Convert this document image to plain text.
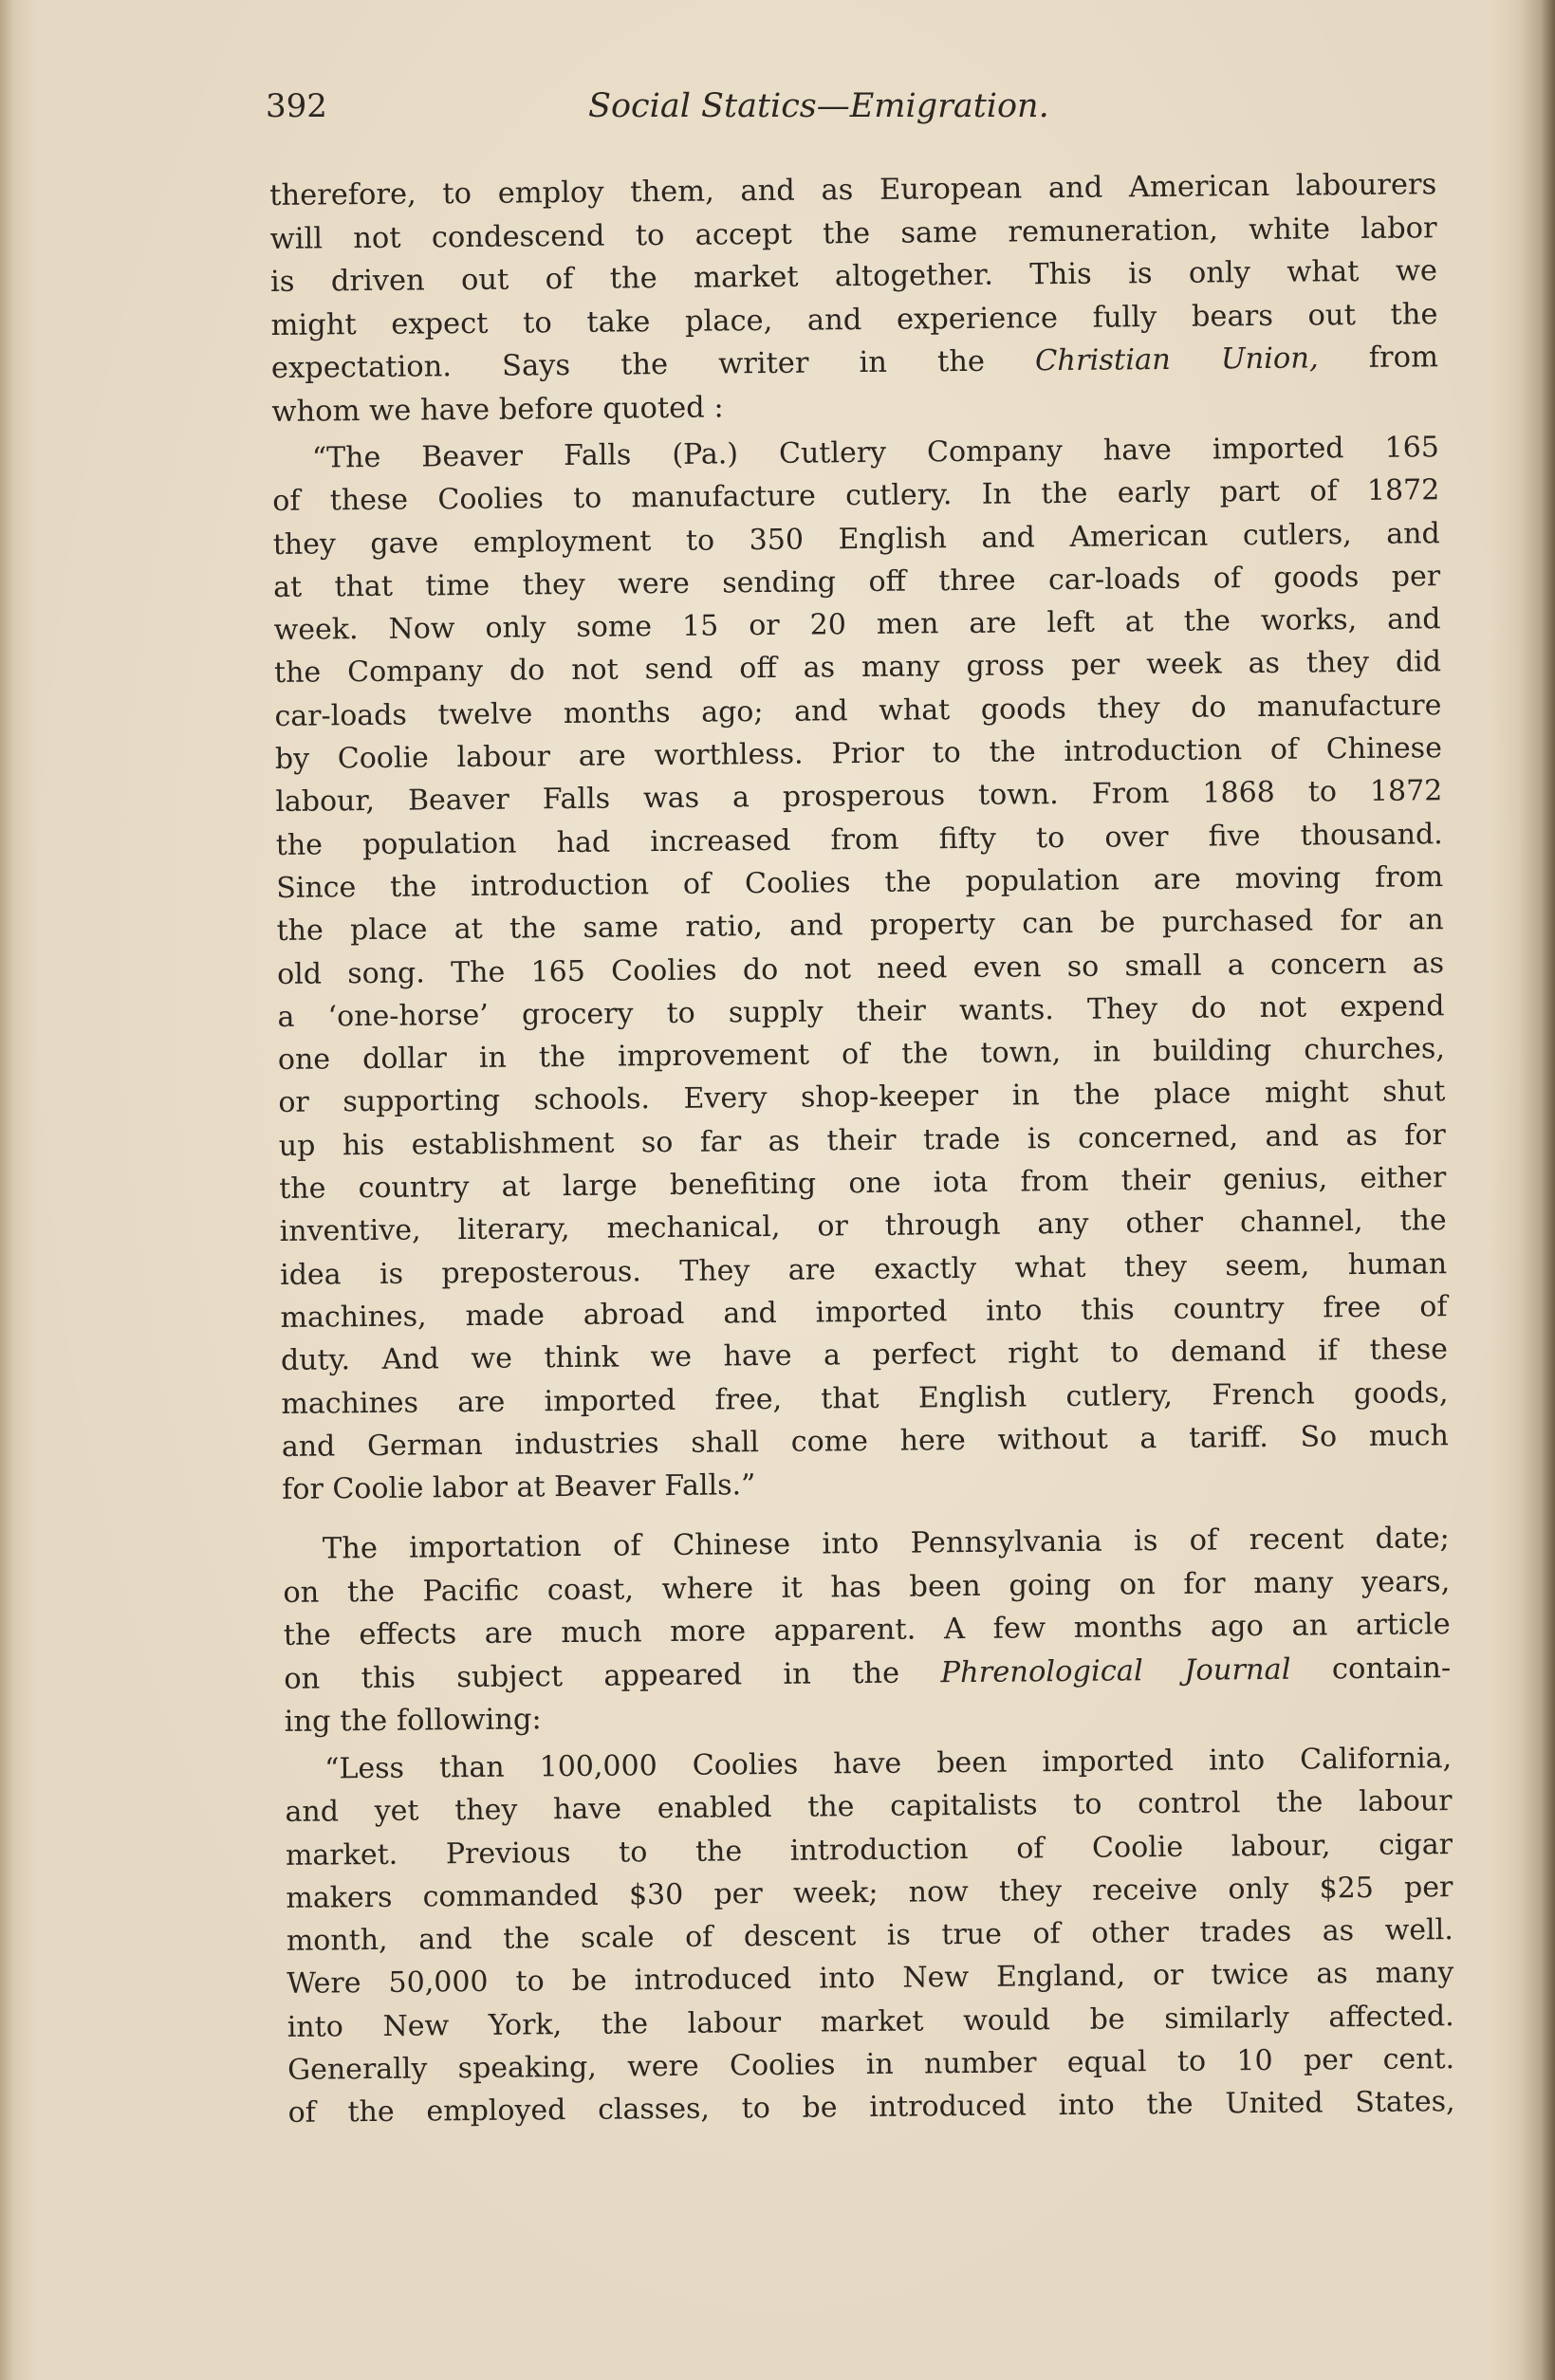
392	Social Statics—Emigration.
therefore, to employ them, and as European and American labourers
will not condescend to accept the same remuneration, white labor
is driven out of the market altogether. This is only what we
might expect to take place, and experience fully bears out the
expectation. Says the writer in the Christian Union, from
whom we have before quoted :
“The Beaver Falls (Pa.) Cutlery Company have imported 165
of these Coolies to manufacture cutlery. In the early part of 1872
they gave employment to 350 English and American cutlers, and
at that time they were sending off three car-loads of goods per
week. Now only some 15 or 20 men are left at the works, and
the Company do not send off as many gross per week as they did
car-loads twelve months ago; and what goods they do manufacture
by Coolie labour are worthless. Prior to the introduction of Chinese
labour, Beaver Falls was a prosperous town. From 1868 to 1872
the population had increased from fifty to over five thousand.
Since the introduction of Coolies the population are moving from
the place at the same ratio, and property can be purchased for an
old song. The 165 Coolies do not need even so small a concern as
a ‘one-horse’ grocery to supply their wants. They do not expend
one dollar in the improvement of the town, in building churches,
or supporting schools. Every shop-keeper in the place might shut
up his establishment so far as their trade is concerned, and as for
the country at large benefiting one iota from their genius, either
inventive, literary, mechanical, or through any other channel, the
idea is preposterous. They are exactly what they seem, human
machines, made abroad and imported into this country free of
duty. And we think we have a perfect right to demand if these
machines are imported free, that English cutlery, French goods,
and German industries shall come here without a tariff. So much
for Coolie labor at Beaver Falls.”
The importation of Chinese into Pennsylvania is of recent date;
on the Pacific coast, where it has been going on for many years,
the effects are much more apparent. A few months ago an article
on this subject appeared in the Phrenological Journal contain-
ing the following:
“Less than 100,000 Coolies have been imported into California,
and yet they have enabled the capitalists to control the labour
market. Previous to the introduction of Coolie labour, cigar
makers commanded $30 per week; now they receive only $25 per
month, and the scale of descent is true of other trades as well.
Were 50,000 to be introduced into New England, or twice as many
into New York, the labour market would be similarly affected.
Generally speaking, were Coolies in number equal to 10 per cent.
of the employed classes, to be introduced into the United States,
